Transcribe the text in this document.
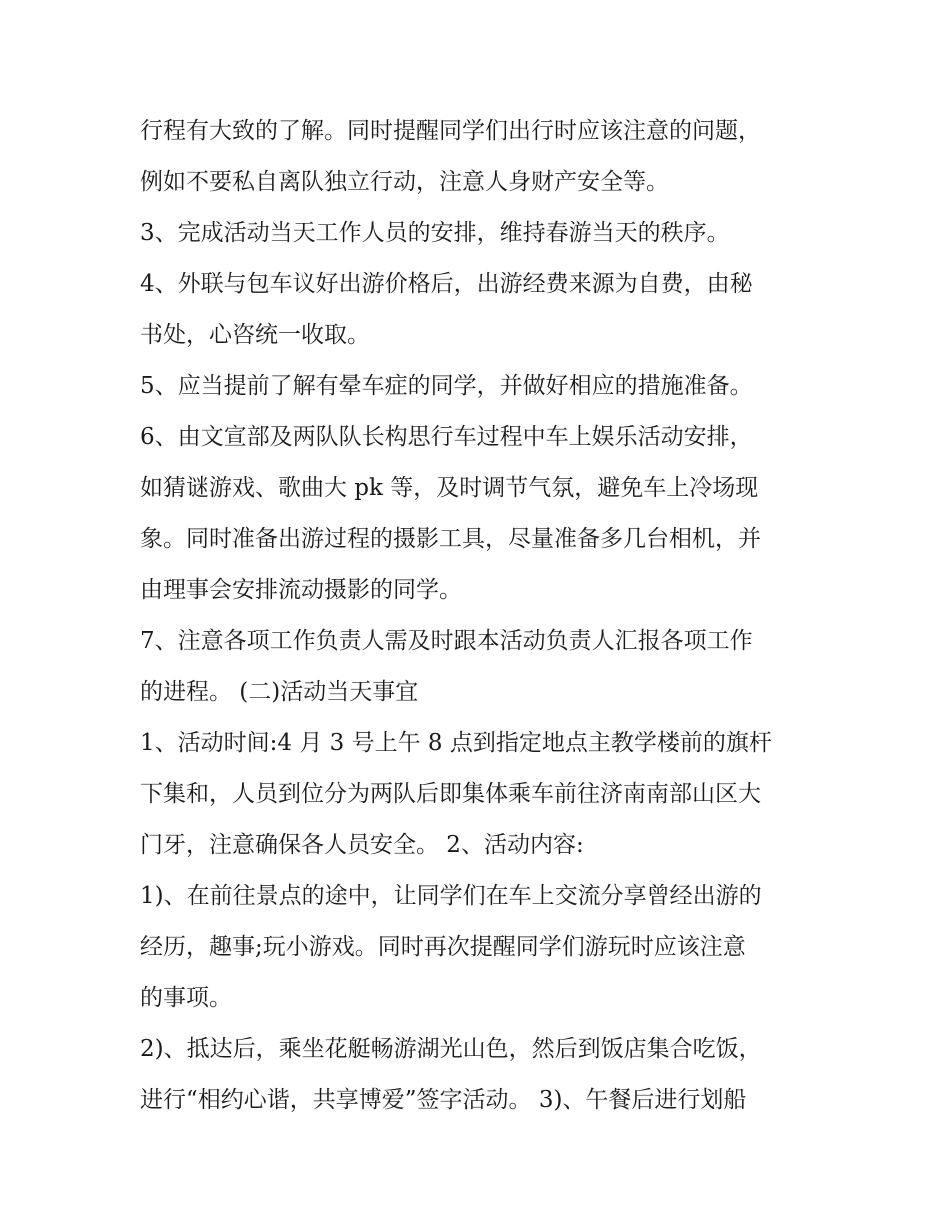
行程有大致的了解。同时提醒同学们出行时应该注意的问题，
例如不要私自离队独立行动，注意人身财产安全等。
3、完成活动当天工作人员的安排，维持春游当天的秩序。
4、外联与包车议好出游价格后，出游经费来源为自费，由秘
书处，心咨统一收取。
5、应当提前了解有晕车症的同学，并做好相应的措施准备。
6、由文宣部及两队队长构思行车过程中车上娱乐活动安排，
如猜谜游戏、歌曲大 pk 等，及时调节气氛，避免车上冷场现
象。同时准备出游过程的摄影工具，尽量准备多几台相机，并
由理事会安排流动摄影的同学。
7、注意各项工作负责人需及时跟本活动负责人汇报各项工作
的进程。 (二)活动当天事宜
1、活动时间:4 月 3 号上午 8 点到指定地点主教学楼前的旗杆
下集和，人员到位分为两队后即集体乘车前往济南南部山区大
门牙，注意确保各人员安全。 2、活动内容:
1)、在前往景点的途中，让同学们在车上交流分享曾经出游的
经历，趣事;玩小游戏。同时再次提醒同学们游玩时应该注意
的事项。
2)、抵达后，乘坐花艇畅游湖光山色，然后到饭店集合吃饭，
进行“相约心谐，共享博爱”签字活动。 3)、午餐后进行划船
